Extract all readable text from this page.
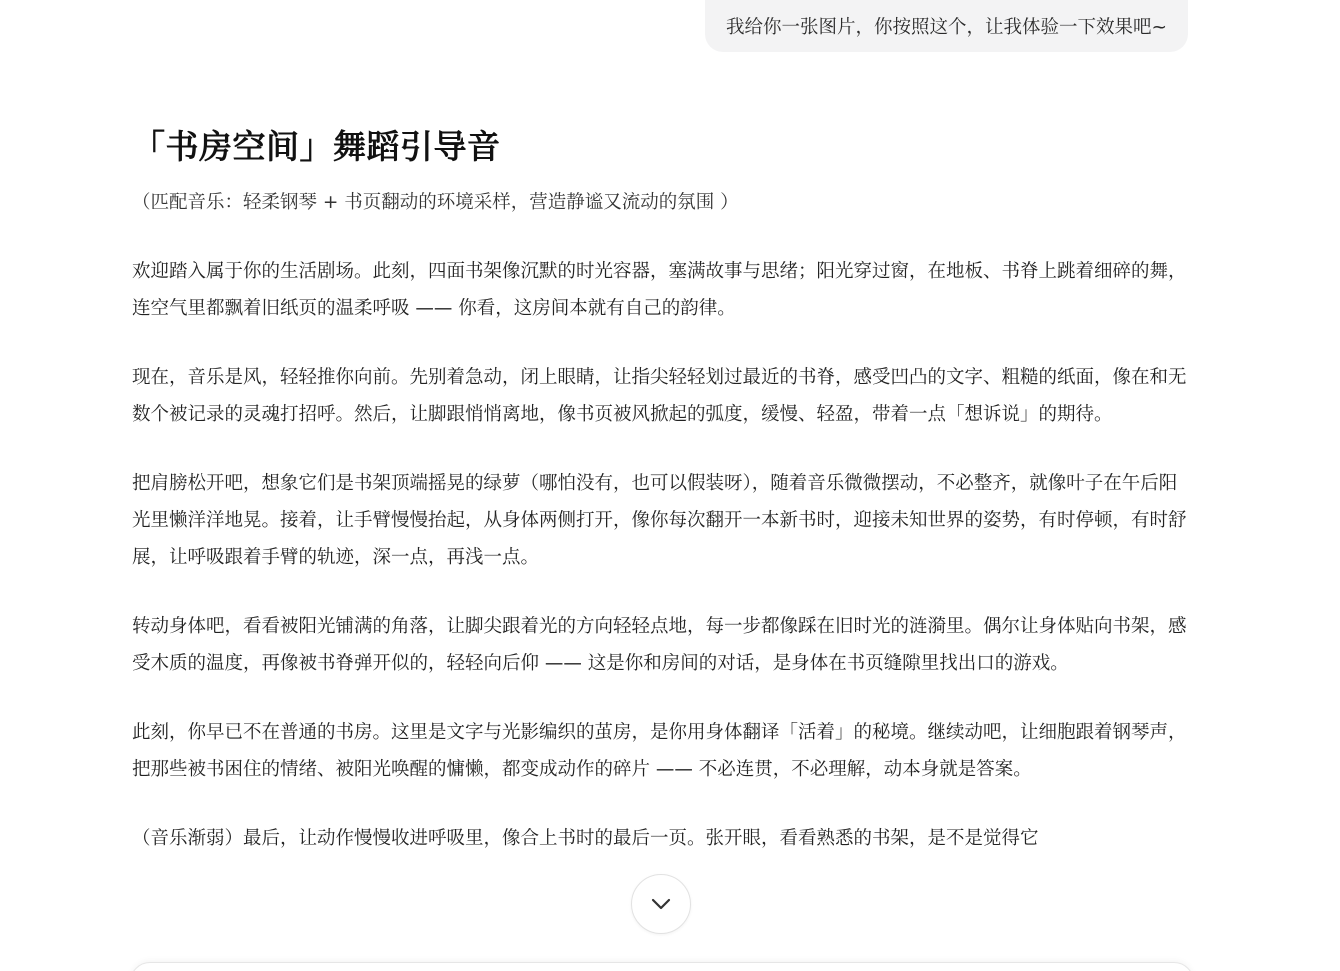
我给你一张图片，你按照这个，让我体验一下效果吧~
「书房空间」舞蹈引导音

（匹配音乐：轻柔钢琴 + 书页翻动的环境采样，营造静谧又流动的氛围 ）

欢迎踏入属于你的生活剧场。此刻，四面书架像沉默的时光容器，塞满故事与思绪；阳光穿过窗，在地板、书脊上跳着细碎的舞，连空气里都飘着旧纸页的温柔呼吸 —— 你看，这房间本就有自己的韵律。

现在，音乐是风，轻轻推你向前。先别着急动，闭上眼睛，让指尖轻轻划过最近的书脊，感受凹凸的文字、粗糙的纸面，像在和无数个被记录的灵魂打招呼。然后，让脚跟悄悄离地，像书页被风掀起的弧度，缓慢、轻盈，带着一点「想诉说」的期待。

把肩膀松开吧，想象它们是书架顶端摇晃的绿萝（哪怕没有，也可以假装呀），随着音乐微微摆动，不必整齐，就像叶子在午后阳光里懒洋洋地晃。接着，让手臂慢慢抬起，从身体两侧打开，像你每次翻开一本新书时，迎接未知世界的姿势，有时停顿，有时舒展，让呼吸跟着手臂的轨迹，深一点，再浅一点。

转动身体吧，看看被阳光铺满的角落，让脚尖跟着光的方向轻轻点地，每一步都像踩在旧时光的涟漪里。偶尔让身体贴向书架，感受木质的温度，再像被书脊弹开似的，轻轻向后仰 —— 这是你和房间的对话，是身体在书页缝隙里找出口的游戏。

此刻，你早已不在普通的书房。这里是文字与光影编织的茧房，是你用身体翻译「活着」的秘境。继续动吧，让细胞跟着钢琴声，把那些被书困住的情绪、被阳光唤醒的慵懒，都变成动作的碎片 —— 不必连贯，不必理解，动本身就是答案。

（音乐渐弱）最后，让动作慢慢收进呼吸里，像合上书时的最后一页。张开眼，看看熟悉的书架，是不是觉得它
